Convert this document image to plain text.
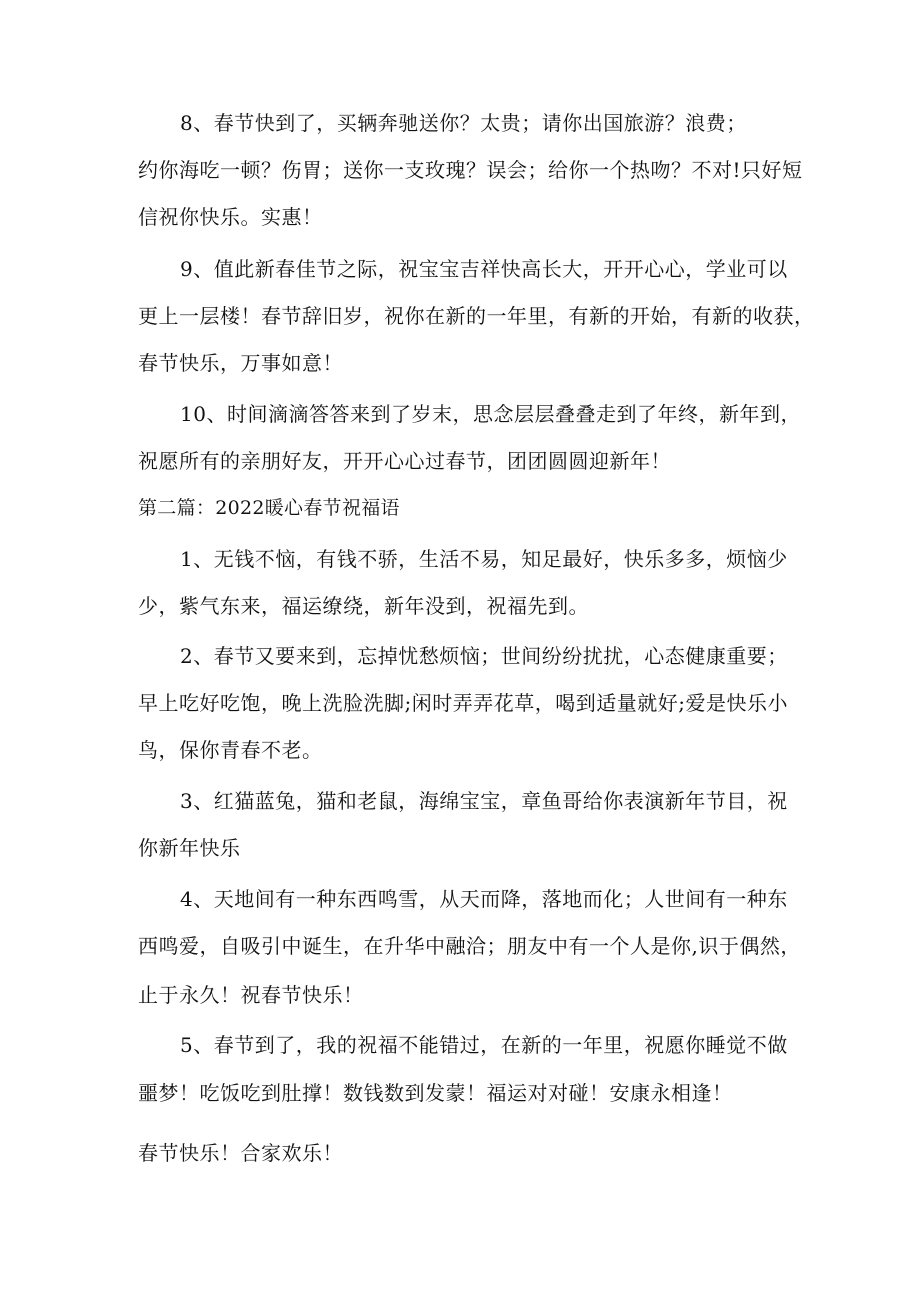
8、春节快到了，买辆奔驰送你？太贵；请你出国旅游？浪费；
约你海吃一顿？伤胃；送你一支玫瑰？误会；给你一个热吻？不对!只好短
信祝你快乐。实惠！
9、值此新春佳节之际，祝宝宝吉祥快高长大，开开心心，学业可以
更上一层楼！春节辞旧岁，祝你在新的一年里，有新的开始，有新的收获，
春节快乐，万事如意！
10、时间滴滴答答来到了岁末，思念层层叠叠走到了年终，新年到，
祝愿所有的亲朋好友，开开心心过春节，团团圆圆迎新年！
第二篇：2022暖心春节祝福语
1、无钱不恼，有钱不骄，生活不易，知足最好，快乐多多，烦恼少
少，紫气东来，福运缭绕，新年没到，祝福先到。
2、春节又要来到，忘掉忧愁烦恼；世间纷纷扰扰，心态健康重要；
早上吃好吃饱，晚上洗脸洗脚;闲时弄弄花草，喝到适量就好;爱是快乐小
鸟，保你青春不老。
3、红猫蓝兔，猫和老鼠，海绵宝宝，章鱼哥给你表演新年节目，祝
你新年快乐
4、天地间有一种东西鸣雪，从天而降，落地而化；人世间有一种东
西鸣爱，自吸引中诞生，在升华中融洽；朋友中有一个人是你,识于偶然，
止于永久！祝春节快乐！
5、春节到了，我的祝福不能错过，在新的一年里，祝愿你睡觉不做
噩梦！吃饭吃到肚撑！数钱数到发蒙！福运对对碰！安康永相逢！
春节快乐！合家欢乐！
